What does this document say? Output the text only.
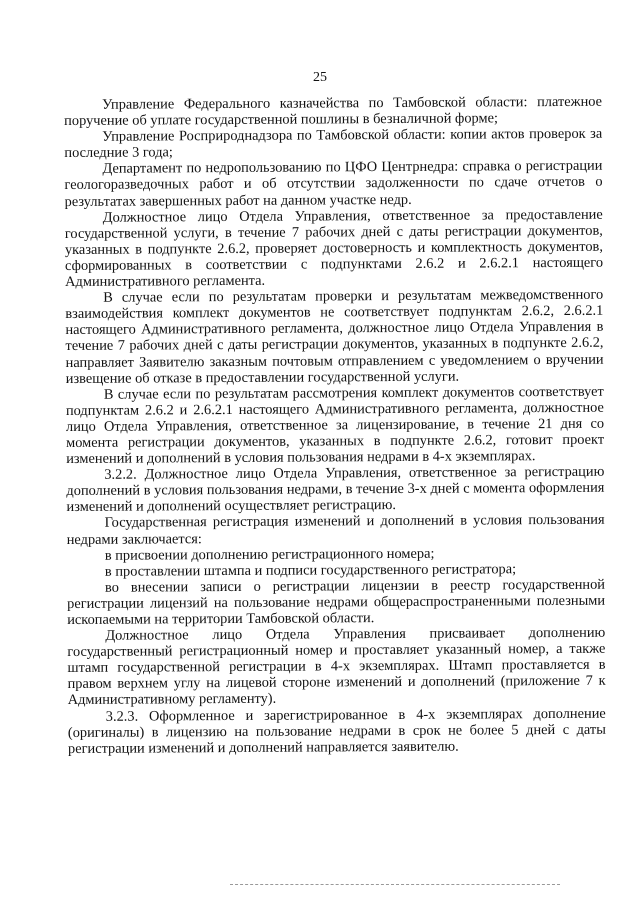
25

Управление Федерального казначейства по Тамбовской области: платежное поручение об уплате государственной пошлины в безналичной форме;

Управление Росприроднадзора по Тамбовской области: копии актов проверок за последние 3 года;

Департамент по недропользованию по ЦФО Центрнедра: справка о регистрации геологоразведочных работ и об отсутствии задолженности по сдаче отчетов о результатах завершенных работ на данном участке недр.

Должностное лицо Отдела Управления, ответственное за предоставление государственной услуги, в течение 7 рабочих дней с даты регистрации документов, указанных в подпункте 2.6.2, проверяет достоверность и комплектность документов, сформированных в соответствии с подпунктами 2.6.2 и 2.6.2.1 настоящего Административного регламента.

В случае если по результатам проверки и результатам межведомственного взаимодействия комплект документов не соответствует подпунктам 2.6.2, 2.6.2.1 настоящего Административного регламента, должностное лицо Отдела Управления в течение 7 рабочих дней с даты регистрации документов, указанных в подпункте 2.6.2, направляет Заявителю заказным почтовым отправлением с уведомлением о вручении извещение об отказе в предоставлении государственной услуги.

В случае если по результатам рассмотрения комплект документов соответствует подпунктам 2.6.2 и 2.6.2.1 настоящего Административного регламента, должностное лицо Отдела Управления, ответственное за лицензирование, в течение 21 дня со момента регистрации документов, указанных в подпункте 2.6.2, готовит проект изменений и дополнений в условия пользования недрами в 4-х экземплярах.

3.2.2. Должностное лицо Отдела Управления, ответственное за регистрацию дополнений в условия пользования недрами, в течение 3-х дней с момента оформления изменений и дополнений осуществляет регистрацию.

Государственная регистрация изменений и дополнений в условия пользования недрами заключается:

в присвоении дополнению регистрационного номера;

в проставлении штампа и подписи государственного регистратора;

во внесении записи о регистрации лицензии в реестр государственной регистрации лицензий на пользование недрами общераспространенными полезными ископаемыми на территории Тамбовской области.

Должностное лицо Отдела Управления присваивает дополнению государственный регистрационный номер и проставляет указанный номер, а также штамп государственной регистрации в 4-х экземплярах. Штамп проставляется в правом верхнем углу на лицевой стороне изменений и дополнений (приложение 7 к Административному регламенту).

3.2.3. Оформленное и зарегистрированное в 4-х экземплярах дополнение (оригиналы) в лицензию на пользование недрами в срок не более 5 дней с даты регистрации изменений и дополнений направляется заявителю.
